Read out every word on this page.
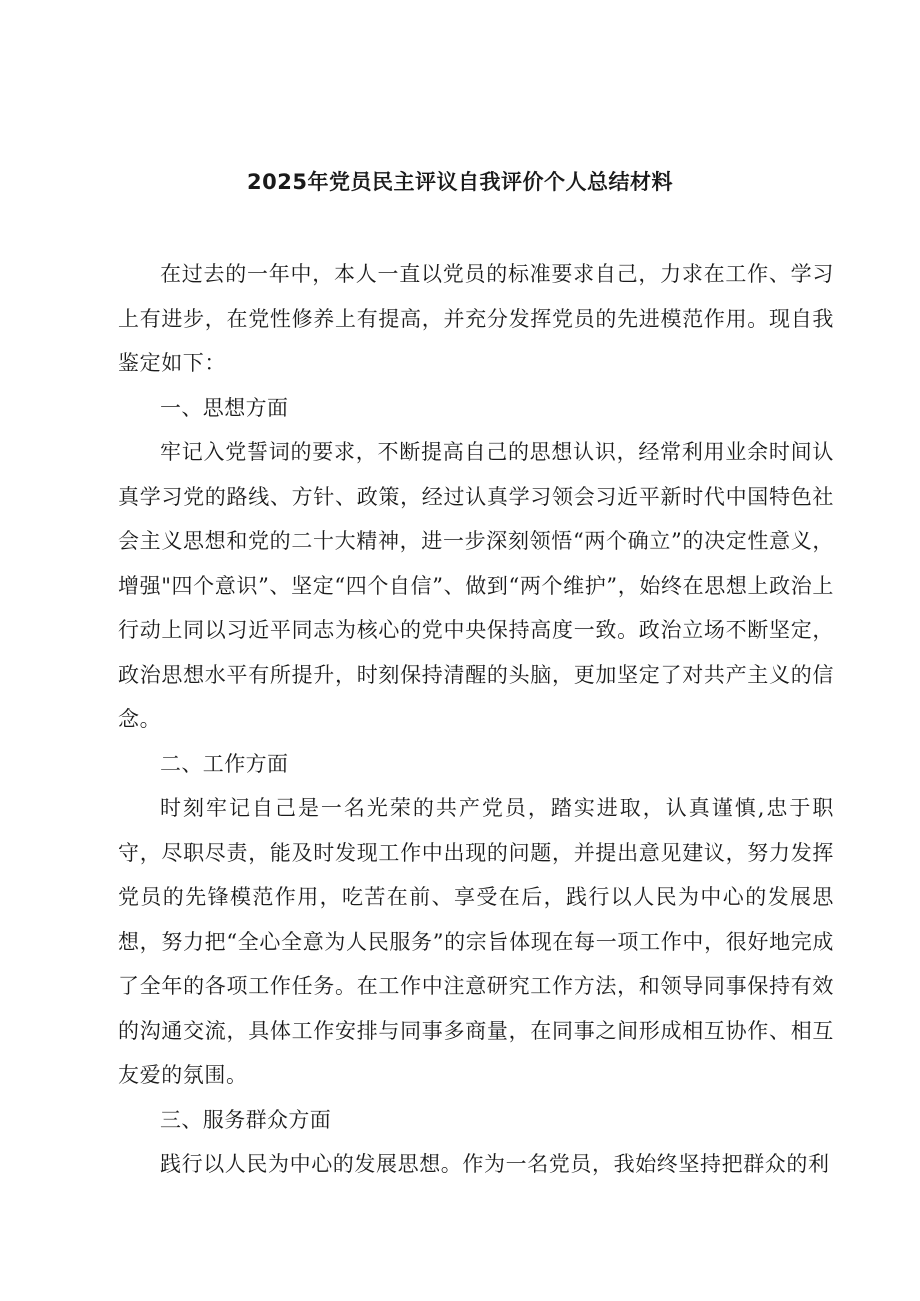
2025年党员民主评议自我评价个人总结材料

在过去的一年中，本人一直以党员的标准要求自己，力求在工作、学习上有进步，在党性修养上有提高，并充分发挥党员的先进模范作用。现自我鉴定如下：

一、思想方面

牢记入党誓词的要求，不断提高自己的思想认识，经常利用业余时间认真学习党的路线、方针、政策，经过认真学习领会习近平新时代中国特色社会主义思想和党的二十大精神，进一步深刻领悟“两个确立”的决定性意义，增强"四个意识”、坚定“四个自信”、做到“两个维护”，始终在思想上政治上行动上同以习近平同志为核心的党中央保持高度一致。政治立场不断坚定，政治思想水平有所提升，时刻保持清醒的头脑，更加坚定了对共产主义的信念。

二、工作方面

时刻牢记自己是一名光荣的共产党员，踏实进取，认真谨慎,忠于职守，尽职尽责，能及时发现工作中出现的问题，并提出意见建议，努力发挥党员的先锋模范作用，吃苦在前、享受在后，践行以人民为中心的发展思想，努力把“全心全意为人民服务”的宗旨体现在每一项工作中，很好地完成了全年的各项工作任务。在工作中注意研究工作方法，和领导同事保持有效的沟通交流，具体工作安排与同事多商量，在同事之间形成相互协作、相互友爱的氛围。

三、服务群众方面

践行以人民为中心的发展思想。作为一名党员，我始终坚持把群众的利
